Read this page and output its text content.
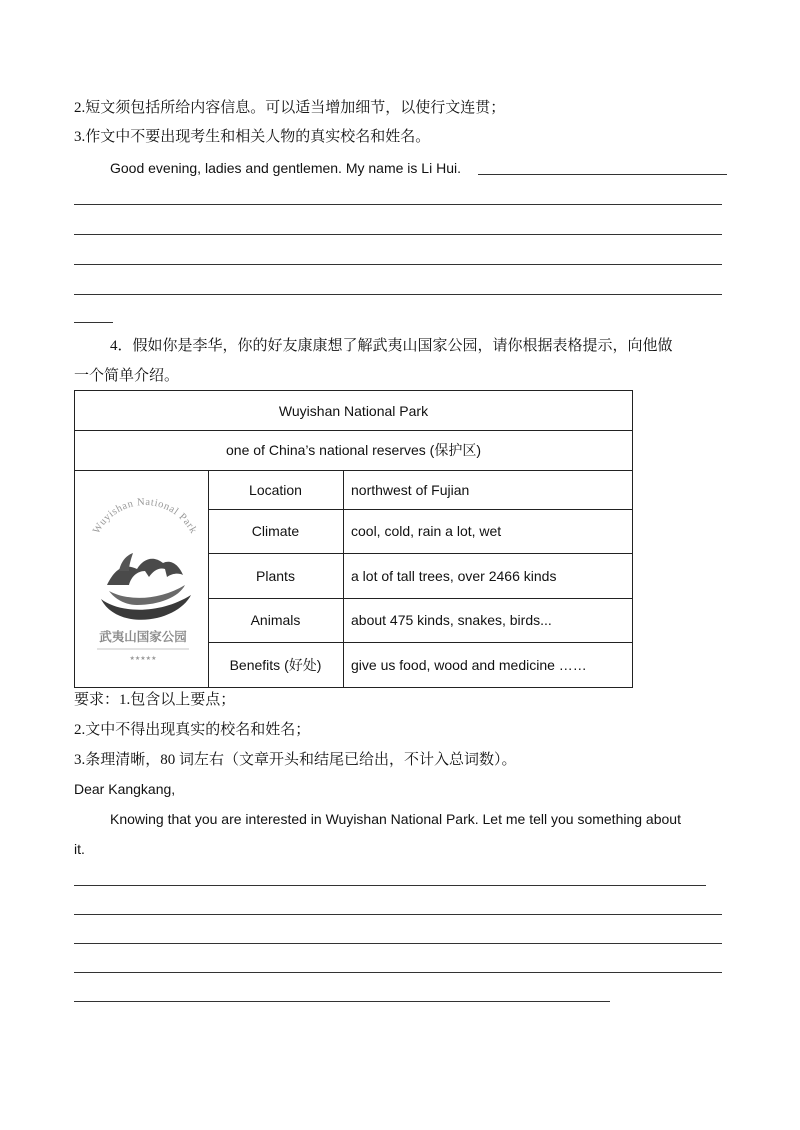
2.短文须包括所给内容信息。可以适当增加细节，以使行文连贯；
3.作文中不要出现考生和相关人物的真实校名和姓名。
Good evening, ladies and gentlemen. My name is Li Hui.
4．假如你是李华，你的好友康康想了解武夷山国家公园，请你根据表格提示，向他做
一个简单介绍。
Wuyishan National Park
one of China’s national reserves (保护区)
Location	northwest of Fujian
Climate	cool, cold, rain a lot, wet
Plants	a lot of tall trees, over 2466 kinds
Animals	about 475 kinds, snakes, birds...
Benefits (好处)	give us food, wood and medicine ……
Wuyishan National Park
武夷山国家公园
★★★★★
要求：1.包含以上要点；
2.文中不得出现真实的校名和姓名；
3.条理清晰，80 词左右（文章开头和结尾已给出，不计入总词数）。
Dear Kangkang,
Knowing that you are interested in Wuyishan National Park. Let me tell you something about
it.
